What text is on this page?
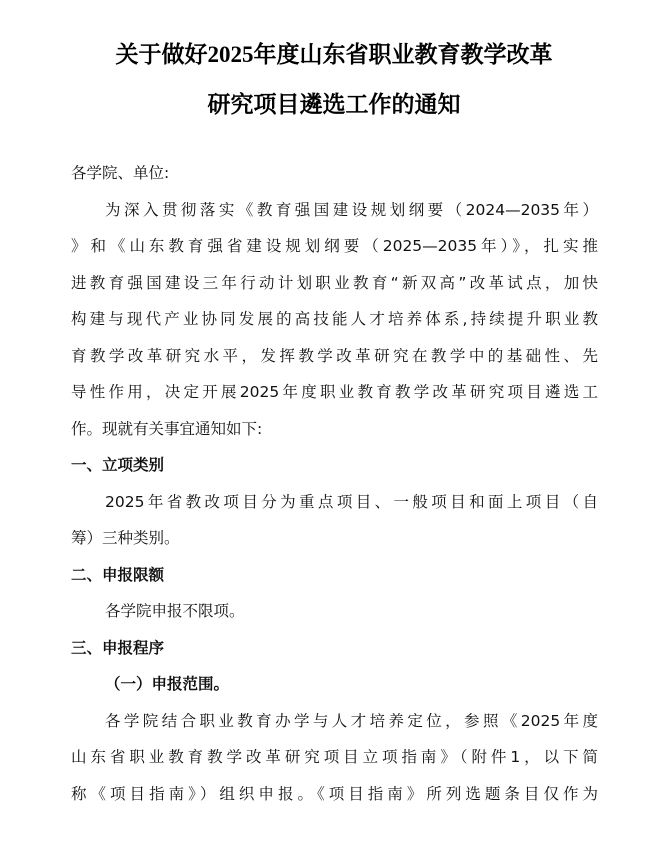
关于做好2025年度山东省职业教育教学改革
研究项目遴选工作的通知
各学院、单位:
为深入贯彻落实《教育强国建设规划纲要（2024—2035年）
》和《山东教育强省建设规划纲要（2025—2035年）》，扎实推
进教育强国建设三年行动计划职业教育“新双高”改革试点，加快
构建与现代产业协同发展的高技能人才培养体系,持续提升职业教
育教学改革研究水平，发挥教学改革研究在教学中的基础性、先
导性作用，决定开展2025年度职业教育教学改革研究项目遴选工
作。现就有关事宜通知如下:
一、立项类别
2025年省教改项目分为重点项目、一般项目和面上项目（自
筹）三种类别。
二、申报限额
各学院申报不限项。
三、申报程序
（一）申报范围。
各学院结合职业教育办学与人才培养定位，参照《2025年度
山东省职业教育教学改革研究项目立项指南》（附件1，以下简
称《项目指南》）组织申报。《项目指南》所列选题条目仅作为
